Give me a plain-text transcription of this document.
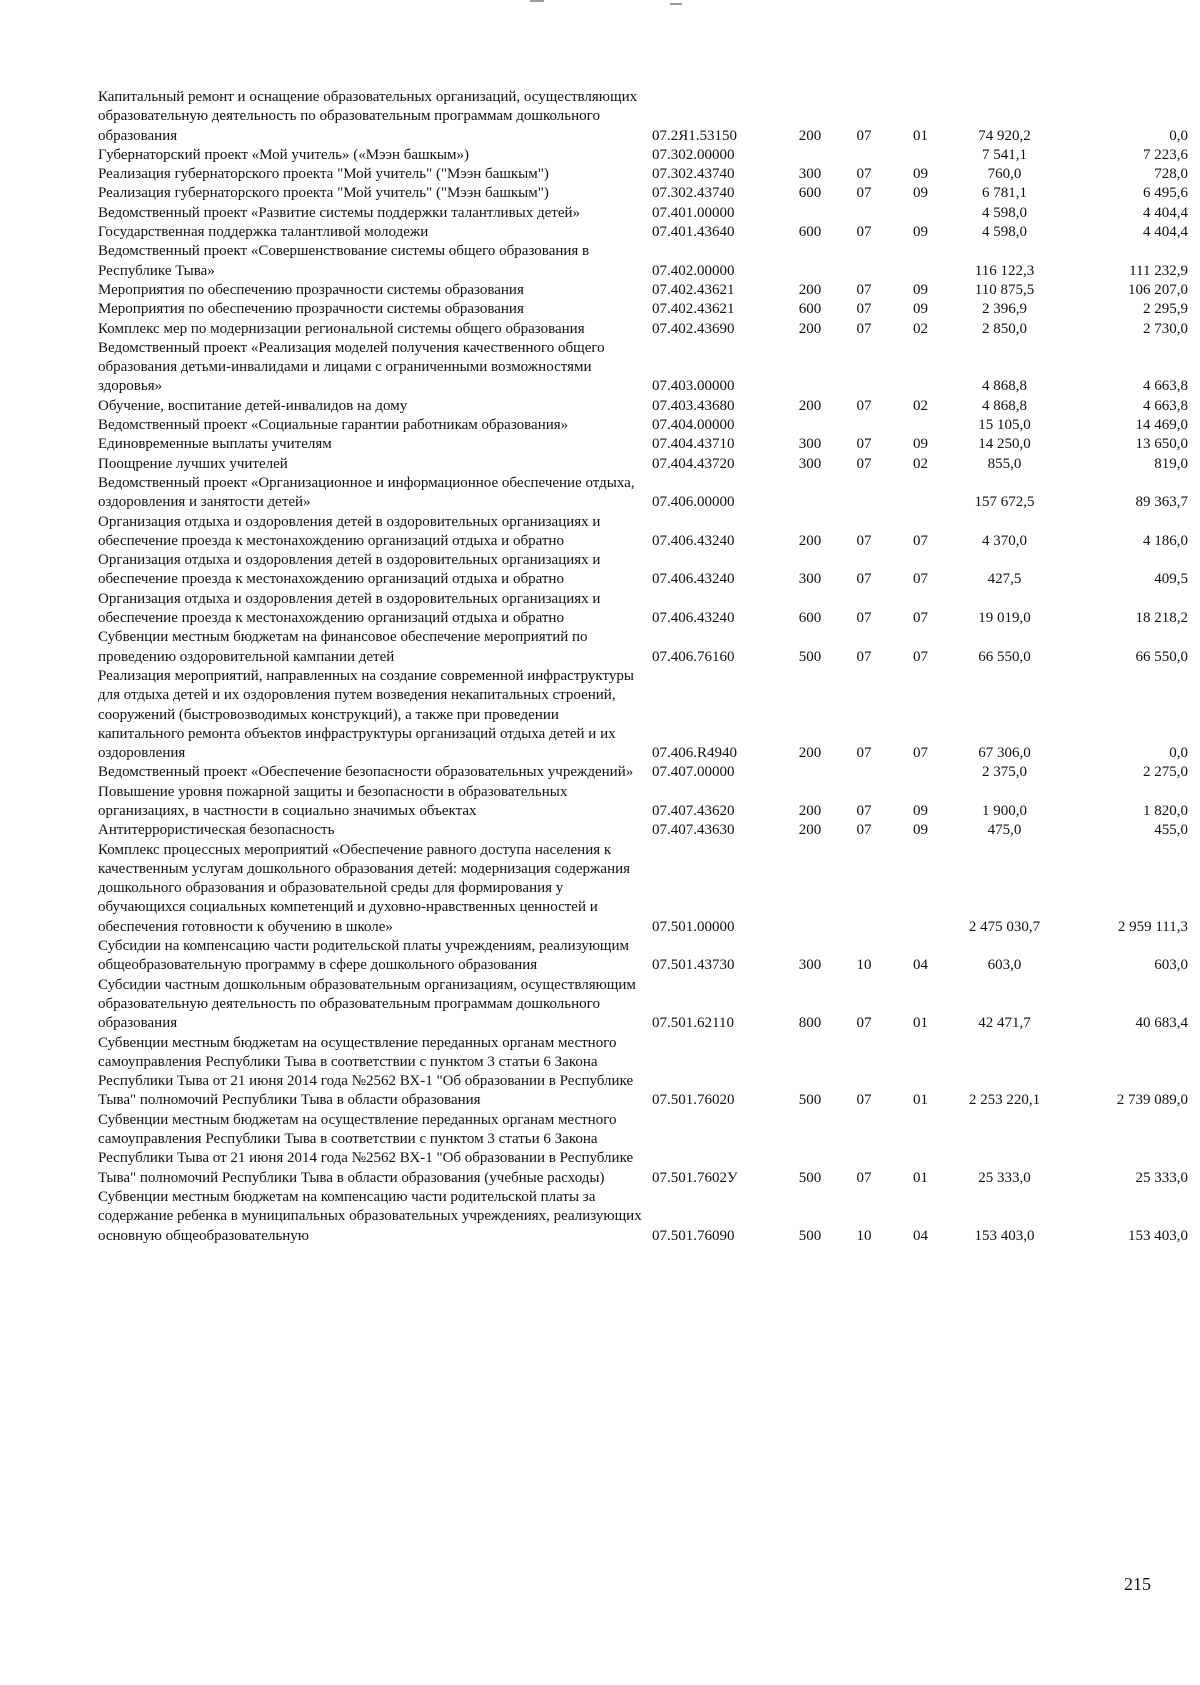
Капитальный ремонт и оснащение образовательных организаций, осуществляющих образовательную деятельность по образовательным программам дошкольного образования	07.2Я1.53150	200	07	01	74 920,2	0,0
Губернаторский проект «Мой учитель» («Мээн башкым»)	07.302.00000				7 541,1	7 223,6
Реализация губернаторского проекта "Мой учитель" ("Мээн башкым")	07.302.43740	300	07	09	760,0	728,0
Реализация губернаторского проекта "Мой учитель" ("Мээн башкым")	07.302.43740	600	07	09	6 781,1	6 495,6
Ведомственный проект «Развитие системы поддержки талантливых детей»	07.401.00000				4 598,0	4 404,4
Государственная поддержка талантливой молодежи	07.401.43640	600	07	09	4 598,0	4 404,4
Ведомственный проект «Совершенствование системы общего образования в Республике Тыва»	07.402.00000				116 122,3	111 232,9
Мероприятия по обеспечению прозрачности системы образования	07.402.43621	200	07	09	110 875,5	106 207,0
Мероприятия по обеспечению прозрачности системы образования	07.402.43621	600	07	09	2 396,9	2 295,9
Комплекс мер по модернизации региональной системы общего образования	07.402.43690	200	07	02	2 850,0	2 730,0
Ведомственный проект «Реализация моделей получения качественного общего образования детьми-инвалидами и лицами с ограниченными возможностями здоровья»	07.403.00000				4 868,8	4 663,8
Обучение, воспитание детей-инвалидов на дому	07.403.43680	200	07	02	4 868,8	4 663,8
Ведомственный проект «Социальные гарантии работникам образования»	07.404.00000				15 105,0	14 469,0
Единовременные выплаты учителям	07.404.43710	300	07	09	14 250,0	13 650,0
Поощрение лучших учителей	07.404.43720	300	07	02	855,0	819,0
Ведомственный проект «Организационное и информационное обеспечение отдыха, оздоровления и занятости детей»	07.406.00000				157 672,5	89 363,7
Организация отдыха и оздоровления детей в оздоровительных организациях и обеспечение проезда к местонахождению организаций отдыха и обратно	07.406.43240	200	07	07	4 370,0	4 186,0
Организация отдыха и оздоровления детей в оздоровительных организациях и обеспечение проезда к местонахождению организаций отдыха и обратно	07.406.43240	300	07	07	427,5	409,5
Организация отдыха и оздоровления детей в оздоровительных организациях и обеспечение проезда к местонахождению организаций отдыха и обратно	07.406.43240	600	07	07	19 019,0	18 218,2
Субвенции местным бюджетам на финансовое обеспечение мероприятий по проведению оздоровительной кампании детей	07.406.76160	500	07	07	66 550,0	66 550,0
Реализация мероприятий, направленных на создание современной инфраструктуры для отдыха детей и их оздоровления путем возведения некапитальных строений, сооружений (быстровозводимых конструкций), а также при проведении капитального ремонта объектов инфраструктуры организаций отдыха детей и их оздоровления	07.406.R4940	200	07	07	67 306,0	0,0
Ведомственный проект «Обеспечение безопасности образовательных учреждений»	07.407.00000				2 375,0	2 275,0
Повышение уровня пожарной защиты и безопасности в образовательных организациях, в частности в социально значимых объектах	07.407.43620	200	07	09	1 900,0	1 820,0
Антитеррористическая безопасность	07.407.43630	200	07	09	475,0	455,0
Комплекс процессных мероприятий «Обеспечение равного доступа населения к качественным услугам дошкольного образования детей: модернизация содержания дошкольного образования и образовательной среды для формирования у обучающихся социальных компетенций и духовно-нравственных ценностей и обеспечения готовности к обучению в школе»	07.501.00000				2 475 030,7	2 959 111,3
Субсидии на компенсацию части родительской платы учреждениям, реализующим общеобразовательную программу в сфере дошкольного образования	07.501.43730	300	10	04	603,0	603,0
Субсидии частным дошкольным образовательным организациям, осуществляющим образовательную деятельность по образовательным программам дошкольного образования	07.501.62110	800	07	01	42 471,7	40 683,4
Субвенции местным бюджетам на осуществление переданных органам местного самоуправления Республики Тыва в соответствии с пунктом 3 статьи 6 Закона Республики Тыва от 21 июня 2014 года №2562 ВХ-1 "Об образовании в Республике Тыва" полномочий Республики Тыва в области образования	07.501.76020	500	07	01	2 253 220,1	2 739 089,0
Субвенции местным бюджетам на осуществление переданных органам местного самоуправления Республики Тыва в соответствии с пунктом 3 статьи 6 Закона Республики Тыва от 21 июня 2014 года №2562 ВХ-1 "Об образовании в Республике Тыва" полномочий Республики Тыва в области образования (учебные расходы)	07.501.7602У	500	07	01	25 333,0	25 333,0
Субвенции местным бюджетам на компенсацию части родительской платы за содержание ребенка в муниципальных образовательных учреждениях, реализующих основную общеобразовательную	07.501.76090	500	10	04	153 403,0	153 403,0
215
